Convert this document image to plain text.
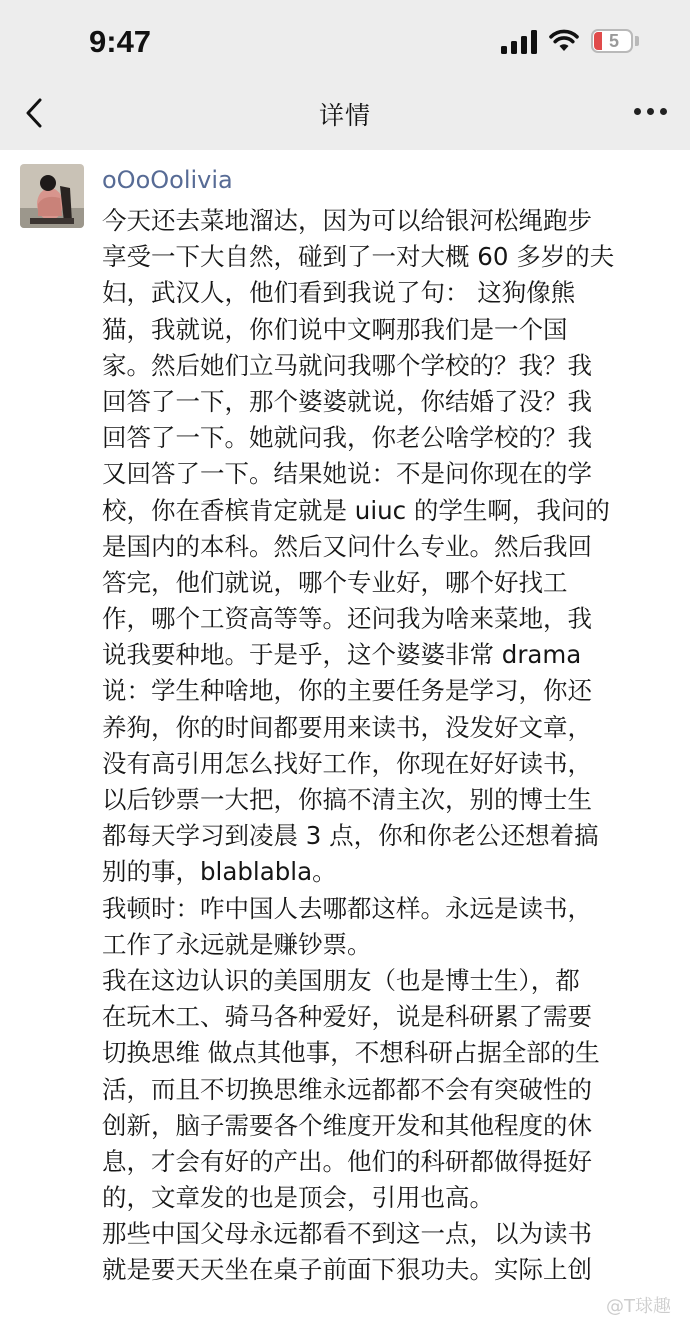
9:47	5
详情
oOoOolivia
今天还去菜地溜达，因为可以给银河松绳跑步
享受一下大自然，碰到了一对大概 60 多岁的夫
妇，武汉人，他们看到我说了句： 这狗像熊
猫，我就说，你们说中文啊那我们是一个国
家。然后她们立马就问我哪个学校的？我？我
回答了一下，那个婆婆就说，你结婚了没？我
回答了一下。她就问我，你老公啥学校的？我
又回答了一下。结果她说：不是问你现在的学
校，你在香槟肯定就是 uiuc 的学生啊，我问的
是国内的本科。然后又问什么专业。然后我回
答完，他们就说，哪个专业好，哪个好找工
作，哪个工资高等等。还问我为啥来菜地，我
说我要种地。于是乎，这个婆婆非常 drama
说：学生种啥地，你的主要任务是学习，你还
养狗，你的时间都要用来读书，没发好文章，
没有高引用怎么找好工作，你现在好好读书，
以后钞票一大把，你搞不清主次，别的博士生
都每天学习到凌晨 3 点，你和你老公还想着搞
别的事，blablabla。
我顿时：咋中国人去哪都这样。永远是读书，
工作了永远就是赚钞票。
我在这边认识的美国朋友（也是博士生），都
在玩木工、骑马各种爱好，说是科研累了需要
切换思维 做点其他事，不想科研占据全部的生
活，而且不切换思维永远都都不会有突破性的
创新，脑子需要各个维度开发和其他程度的休
息，才会有好的产出。他们的科研都做得挺好
的，文章发的也是顶会，引用也高。
那些中国父母永远都看不到这一点，以为读书
就是要天天坐在桌子前面下狠功夫。实际上创
@T球趣
